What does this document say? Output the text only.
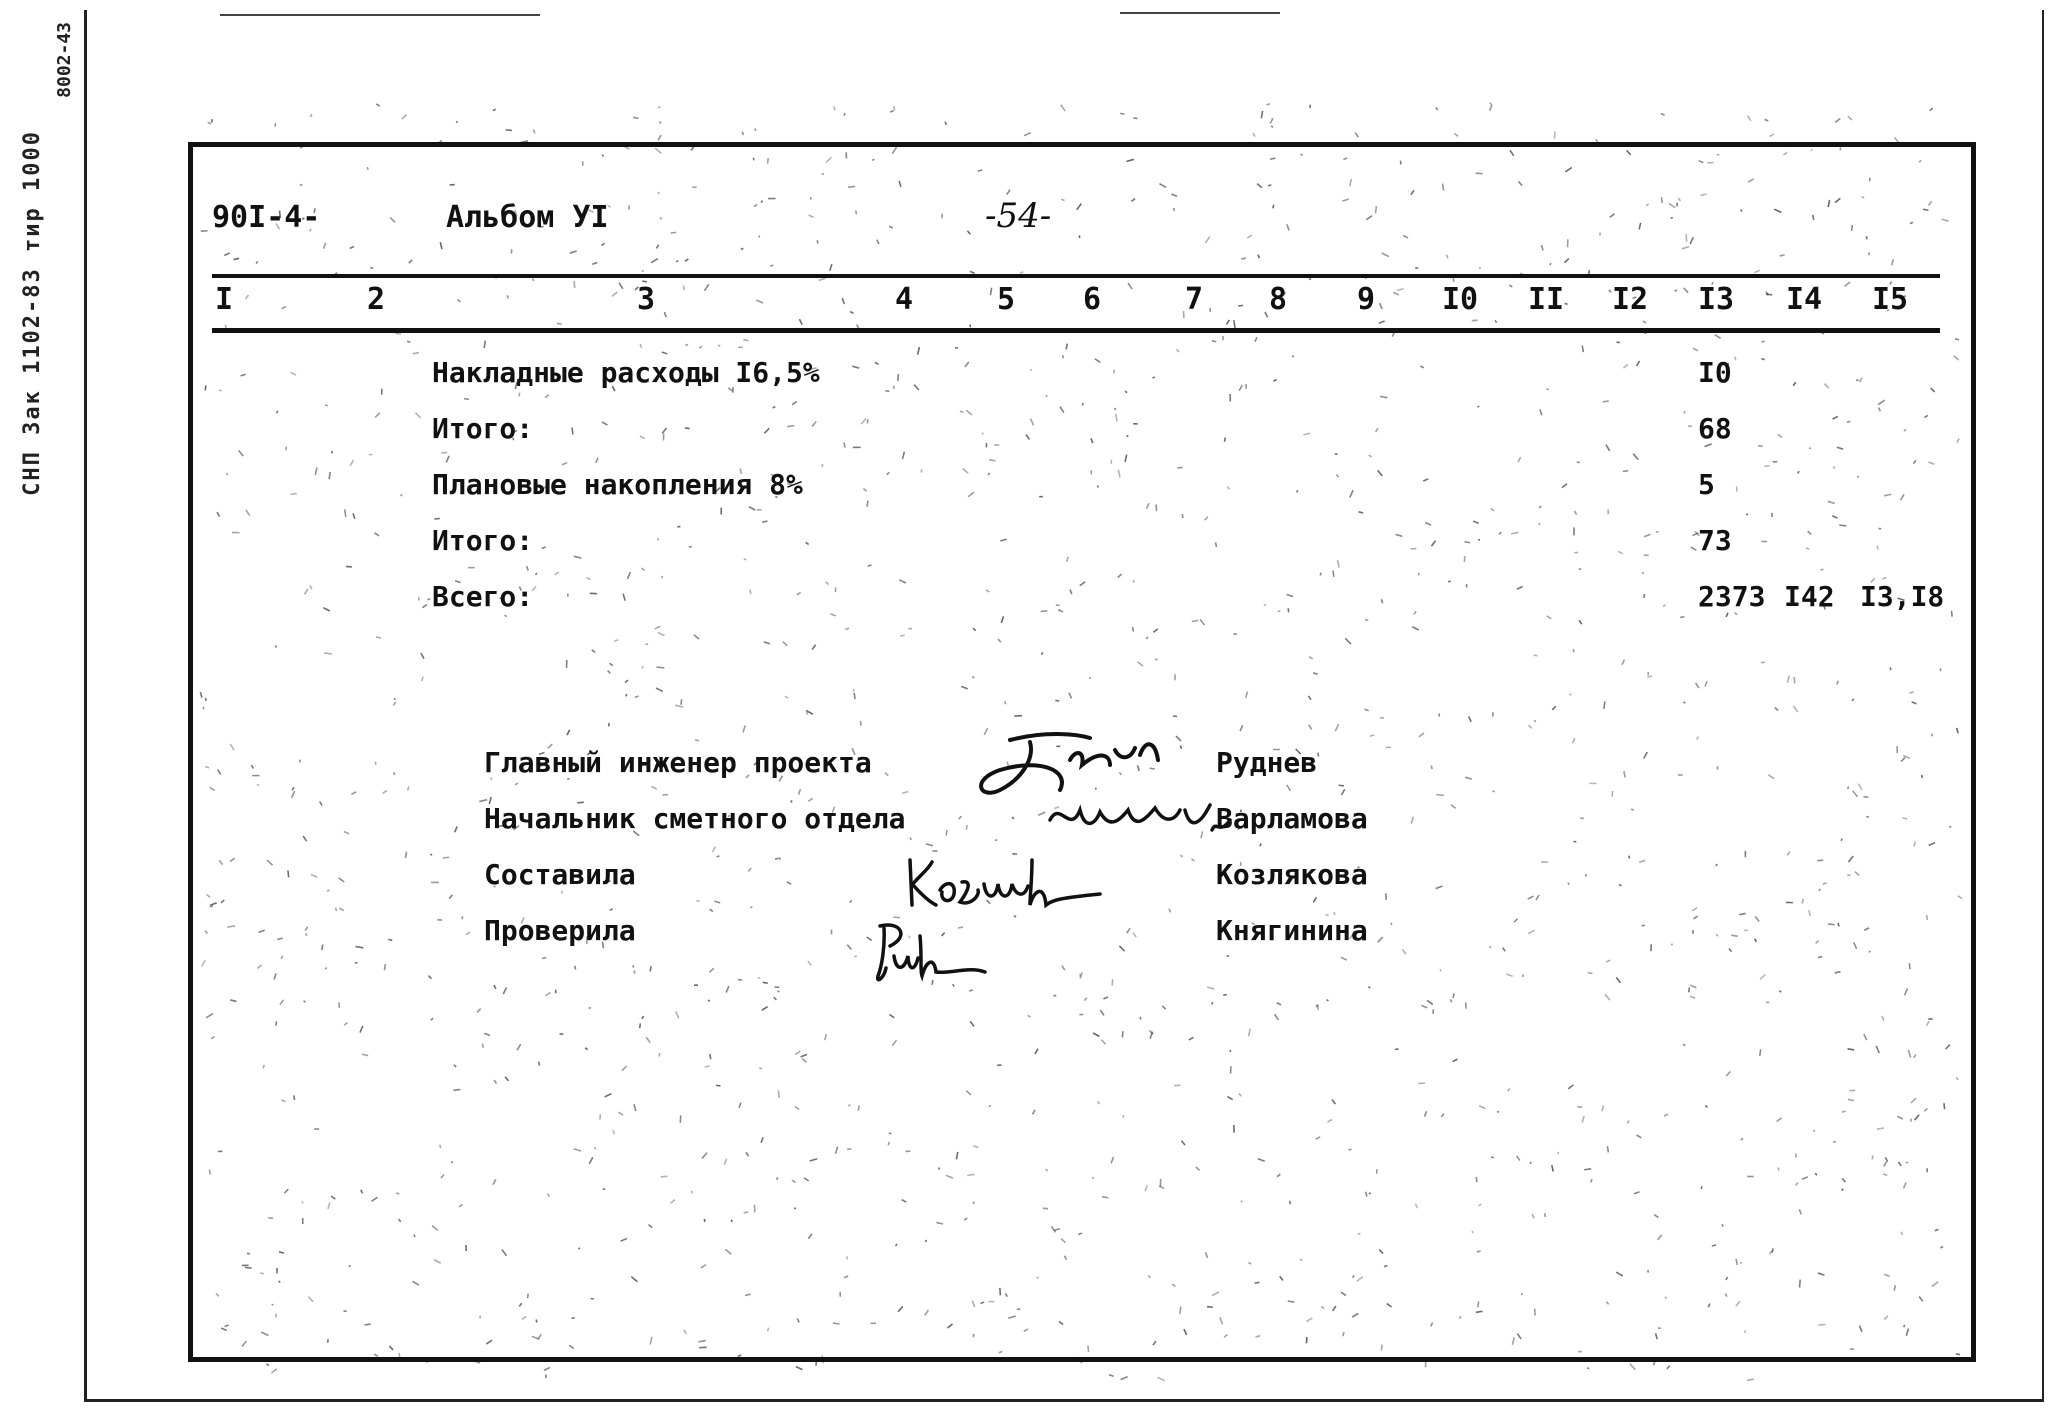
СНП Зак 1102-83 тир 1000
8002-43
90I-4-	Альбом УI	-54-
I	2	3	4	5	6	7	8	9	I0 II I2 I3 I4 I5
Накладные расходы I6,5%	I0
Итого:	68
Плановые накопления 8%	5
Итого:	73
Всего:	2373 I42 I3,I8
Главный инженер проекта	Руднев
Начальник сметного отдела	Варламова
Составила	Козлякова
Проверила	Княгинина
